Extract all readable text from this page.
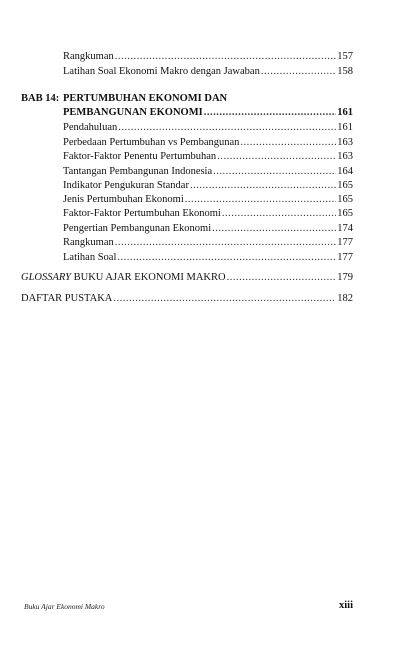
Rangkuman .....	157
Latihan Soal Ekonomi Makro dengan Jawaban .....	158
BAB 14: PERTUMBUHAN EKONOMI DAN
PEMBANGUNAN EKONOMI .....	161
Pendahuluan .....	161
Perbedaan Pertumbuhan vs Pembangunan .....	163
Faktor-Faktor Penentu Pertumbuhan .....	163
Tantangan Pembangunan Indonesia .....	164
Indikator Pengukuran Standar .....	165
Jenis Pertumbuhan Ekonomi .....	165
Faktor-Faktor Pertumbuhan Ekonomi .....	165
Pengertian Pembangunan Ekonomi .....	174
Rangkuman .....	177
Latihan Soal .....	177
GLOSSARY BUKU AJAR EKONOMI MAKRO .....	179
DAFTAR PUSTAKA .....	182
Buku Ajar Ekonomi Makro	xiii
